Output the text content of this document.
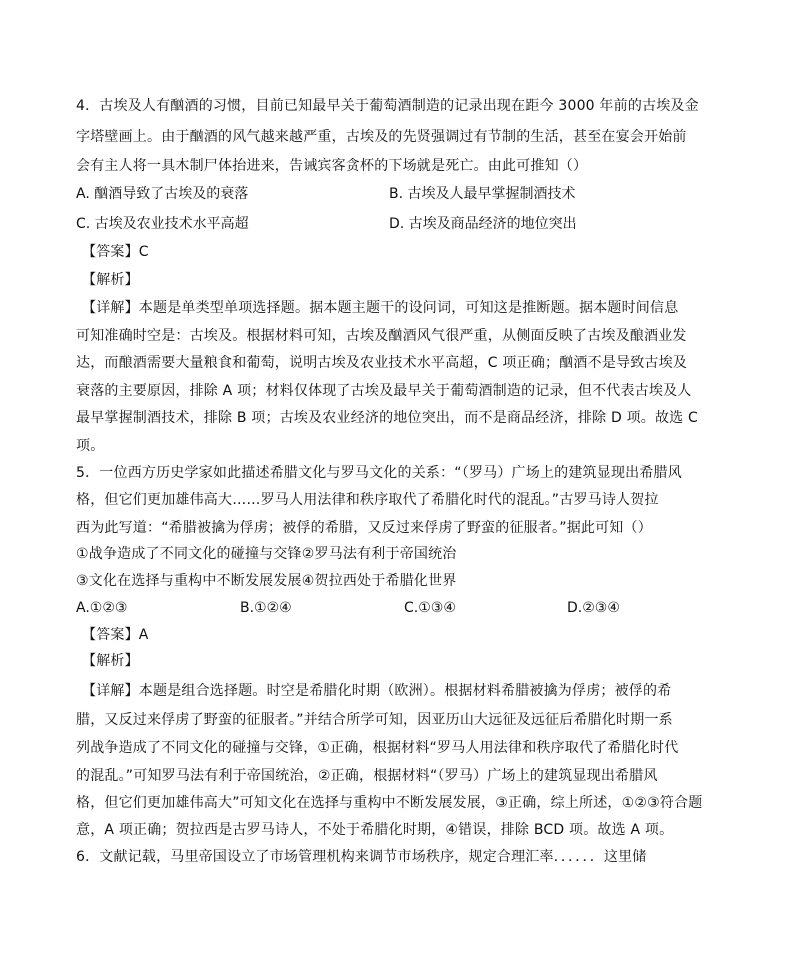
4．古埃及人有酗酒的习惯，目前已知最早关于葡萄酒制造的记录出现在距今 3000 年前的古埃及金
字塔壁画上。由于酗酒的风气越来越严重，古埃及的先贤强调过有节制的生活，甚至在宴会开始前
会有主人将一具木制尸体抬进来，告诫宾客贪杯的下场就是死亡。由此可推知（）
A. 酗酒导致了古埃及的衰落	B. 古埃及人最早掌握制酒技术
C. 古埃及农业技术水平高超	D. 古埃及商品经济的地位突出
【答案】C
【解析】
【详解】本题是单类型单项选择题。据本题主题干的设问词，可知这是推断题。据本题时间信息
可知准确时空是：古埃及。根据材料可知，古埃及酗酒风气很严重，从侧面反映了古埃及酿酒业发
达，而酿酒需要大量粮食和葡萄，说明古埃及农业技术水平高超，C 项正确；酗酒不是导致古埃及
衰落的主要原因，排除 A 项；材料仅体现了古埃及最早关于葡萄酒制造的记录，但不代表古埃及人
最早掌握制酒技术，排除 B 项；古埃及农业经济的地位突出，而不是商品经济，排除 D 项。故选 C
项。
5．一位西方历史学家如此描述希腊文化与罗马文化的关系：“（罗马）广场上的建筑显现出希腊风
格，但它们更加雄伟高大……罗马人用法律和秩序取代了希腊化时代的混乱。”古罗马诗人贺拉
西为此写道：“希腊被擒为俘虏；被俘的希腊，又反过来俘虏了野蛮的征服者。”据此可知（）
①战争造成了不同文化的碰撞与交锋②罗马法有利于帝国统治
③文化在选择与重构中不断发展发展④贺拉西处于希腊化世界
A.①②③	B.①②④	C.①③④	D.②③④
【答案】A
【解析】
【详解】本题是组合选择题。时空是希腊化时期（欧洲）。根据材料希腊被擒为俘虏；被俘的希
腊，又反过来俘虏了野蛮的征服者。”并结合所学可知，因亚历山大远征及远征后希腊化时期一系
列战争造成了不同文化的碰撞与交锋，①正确，根据材料“罗马人用法律和秩序取代了希腊化时代
的混乱。”可知罗马法有利于帝国统治，②正确，根据材料“（罗马）广场上的建筑显现出希腊风
格，但它们更加雄伟高大”可知文化在选择与重构中不断发展发展，③正确，综上所述，①②③符合题
意，A 项正确；贺拉西是古罗马诗人，不处于希腊化时期，④错误，排除 BCD 项。故选 A 项。
6．文献记载，马里帝国设立了市场管理机构来调节市场秩序，规定合理汇率．．．．．．这里储
